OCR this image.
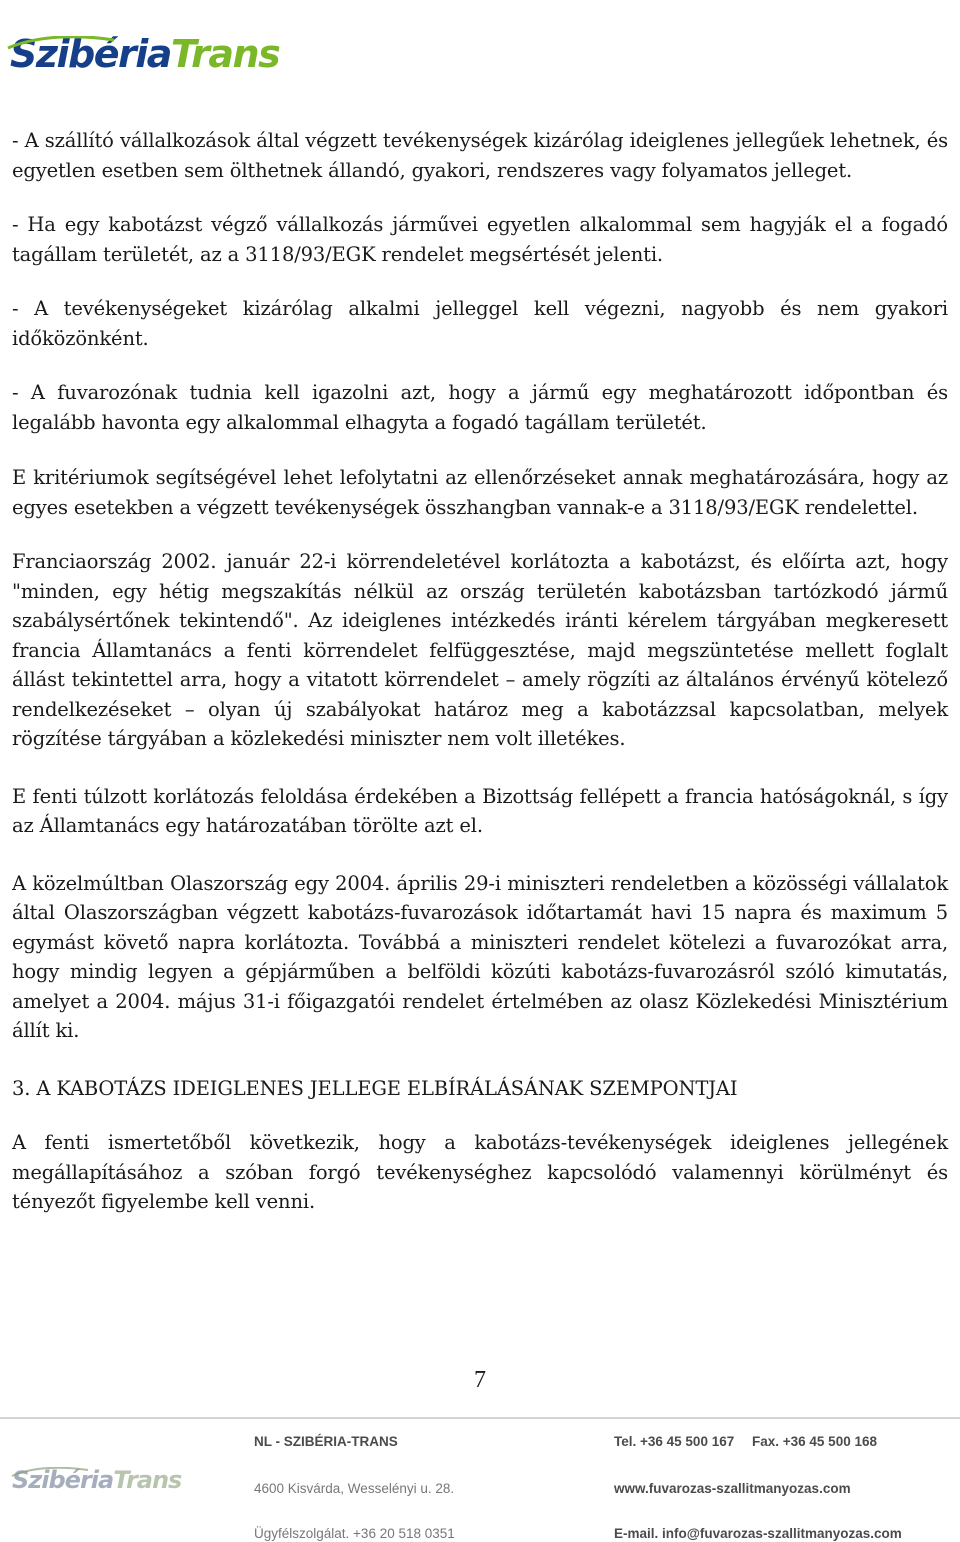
SzibériaTrans

- A szállító vállalkozások által végzett tevékenységek kizárólag ideiglenes jellegűek lehetnek, és egyetlen esetben sem ölthetnek állandó, gyakori, rendszeres vagy folyamatos jelleget.

- Ha egy kabotázst végző vállalkozás járművei egyetlen alkalommal sem hagyják el a fogadó tagállam területét, az a 3118/93/EGK rendelet megsértését jelenti.

- A tevékenységeket kizárólag alkalmi jelleggel kell végezni, nagyobb és nem gyakori időközönként.

- A fuvarozónak tudnia kell igazolni azt, hogy a jármű egy meghatározott időpontban és legalább havonta egy alkalommal elhagyta a fogadó tagállam területét.

E kritériumok segítségével lehet lefolytatni az ellenőrzéseket annak meghatározására, hogy az egyes esetekben a végzett tevékenységek összhangban vannak-e a 3118/93/EGK rendelettel.

Franciaország 2002. január 22-i körrendeletével korlátozta a kabotázst, és előírta azt, hogy "minden, egy hétig megszakítás nélkül az ország területén kabotázsban tartózkodó jármű szabálysértőnek tekintendő". Az ideiglenes intézkedés iránti kérelem tárgyában megkeresett francia Államtanács a fenti körrendelet felfüggesztése, majd megszüntetése mellett foglalt állást tekintettel arra, hogy a vitatott körrendelet – amely rögzíti az általános érvényű kötelező rendelkezéseket – olyan új szabályokat határoz meg a kabotázzsal kapcsolatban, melyek rögzítése tárgyában a közlekedési miniszter nem volt illetékes.

E fenti túlzott korlátozás feloldása érdekében a Bizottság fellépett a francia hatóságoknál, s így az Államtanács egy határozatában törölte azt el.

A közelmúltban Olaszország egy 2004. április 29-i miniszteri rendeletben a közösségi vállalatok által Olaszországban végzett kabotázs-fuvarozások időtartamát havi 15 napra és maximum 5 egymást követő napra korlátozta. Továbbá a miniszteri rendelet kötelezi a fuvarozókat arra, hogy mindig legyen a gépjárműben a belföldi közúti kabotázs-fuvarozásról szóló kimutatás, amelyet a 2004. május 31-i főigazgatói rendelet értelmében az olasz Közlekedési Minisztérium állít ki.

3. A KABOTÁZS IDEIGLENES JELLEGE ELBÍRÁLÁSÁNAK SZEMPONTJAI

A fenti ismertetőből következik, hogy a kabotázs-tevékenységek ideiglenes jellegének megállapításához a szóban forgó tevékenységhez kapcsolódó valamennyi körülményt és tényezőt figyelembe kell venni.

7
SzibériaTrans
NL - SZIBÉRIA-TRANS
4600 Kisvárda, Wesselényi u. 28.
Ügyfélszolgálat. +36 20 518 0351
Tel. +36 45 500 167 Fax. +36 45 500 168
www.fuvarozas-szallitmanyozas.com
E-mail. info@fuvarozas-szallitmanyozas.com
